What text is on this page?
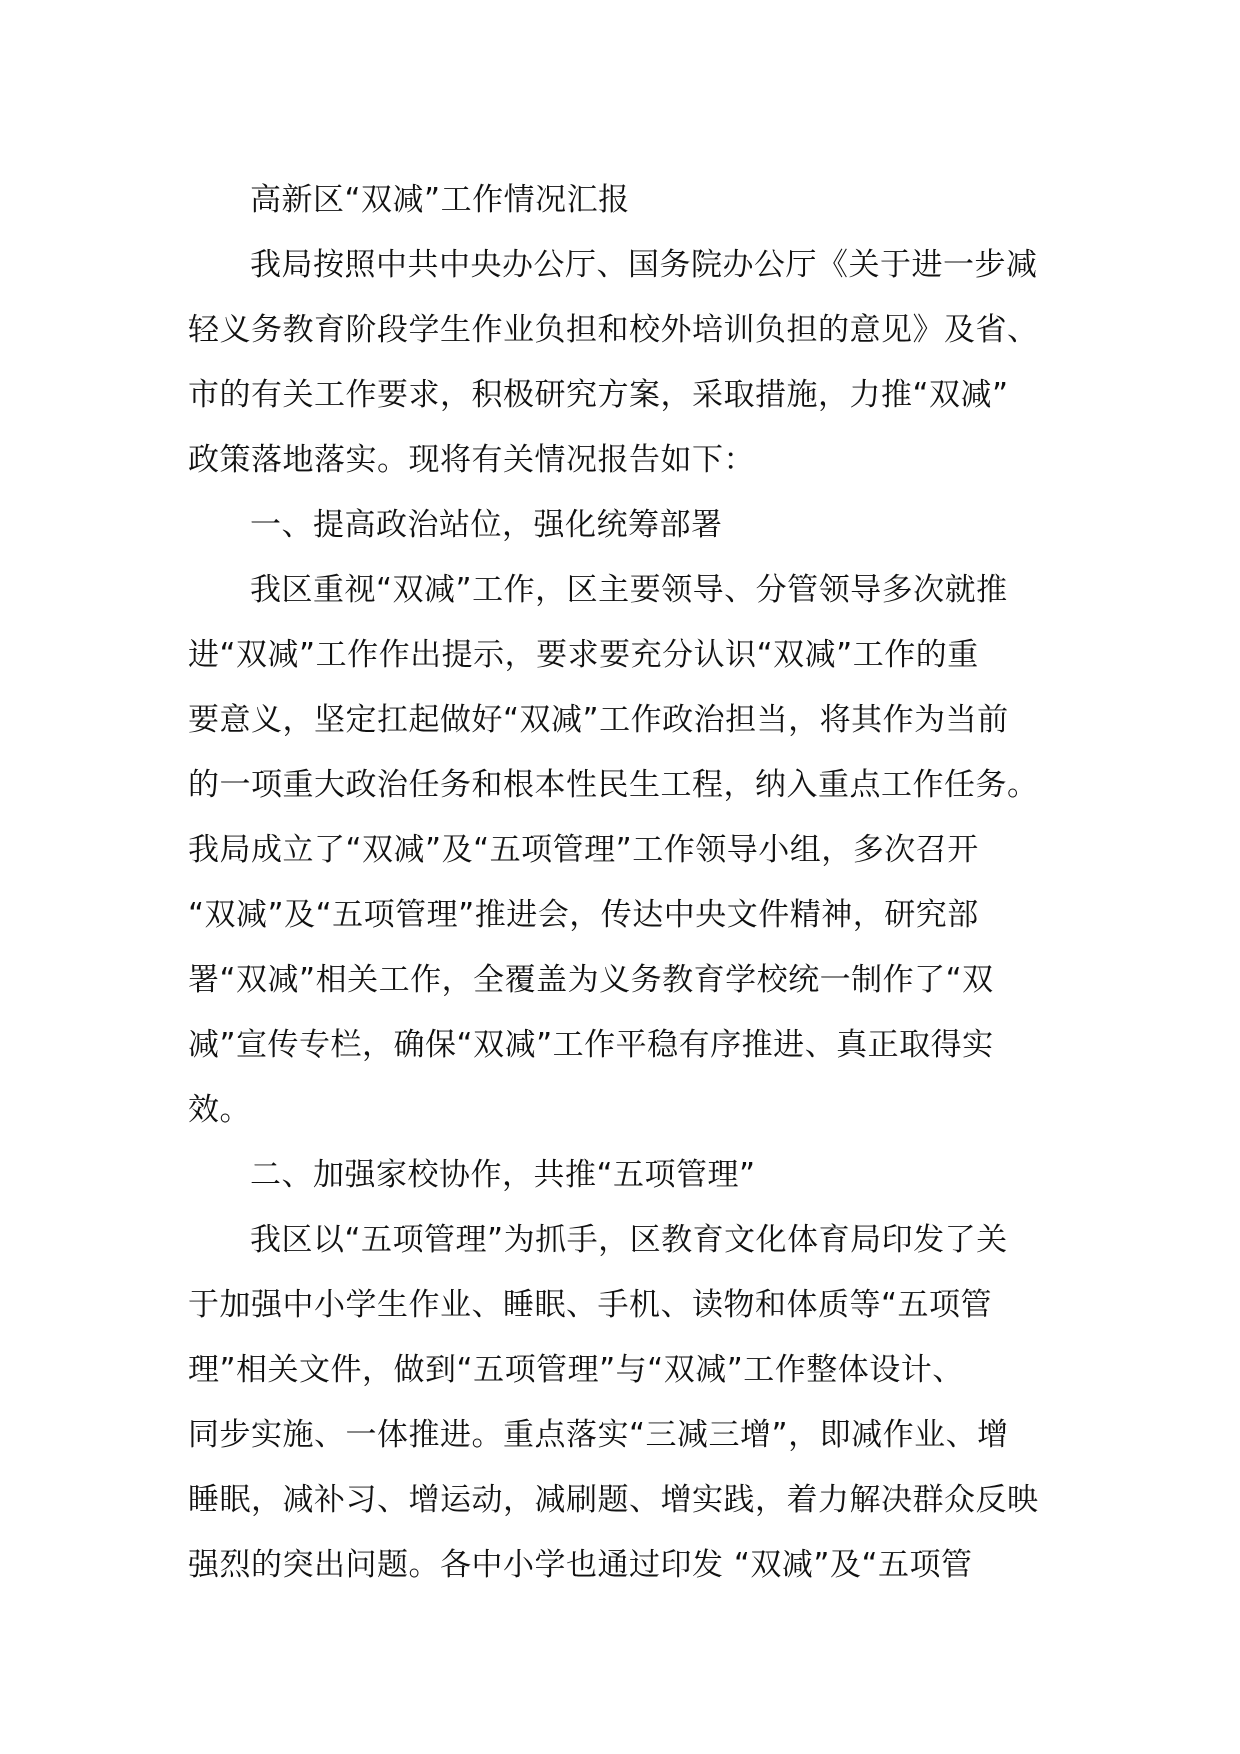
高新区“双减”工作情况汇报
我局按照中共中央办公厅、国务院办公厅《关于进一步减
轻义务教育阶段学生作业负担和校外培训负担的意见》及省、
市的有关工作要求，积极研究方案，采取措施，力推“双减”
政策落地落实。现将有关情况报告如下：
一、提高政治站位，强化统筹部署
我区重视“双减”工作，区主要领导、分管领导多次就推
进“双减”工作作出提示，要求要充分认识“双减”工作的重
要意义，坚定扛起做好“双减”工作政治担当，将其作为当前
的一项重大政治任务和根本性民生工程，纳入重点工作任务。
我局成立了“双减”及“五项管理”工作领导小组，多次召开
“双减”及“五项管理”推进会，传达中央文件精神，研究部
署“双减”相关工作，全覆盖为义务教育学校统一制作了“双
减”宣传专栏，确保“双减”工作平稳有序推进、真正取得实
效。
二、加强家校协作，共推“五项管理”
我区以“五项管理”为抓手，区教育文化体育局印发了关
于加强中小学生作业、睡眠、手机、读物和体质等“五项管
理”相关文件，做到“五项管理”与“双减”工作整体设计、
同步实施、一体推进。重点落实“三减三增”，即减作业、增
睡眠，减补习、增运动，减刷题、增实践，着力解决群众反映
强烈的突出问题。各中小学也通过印发 “双减”及“五项管
